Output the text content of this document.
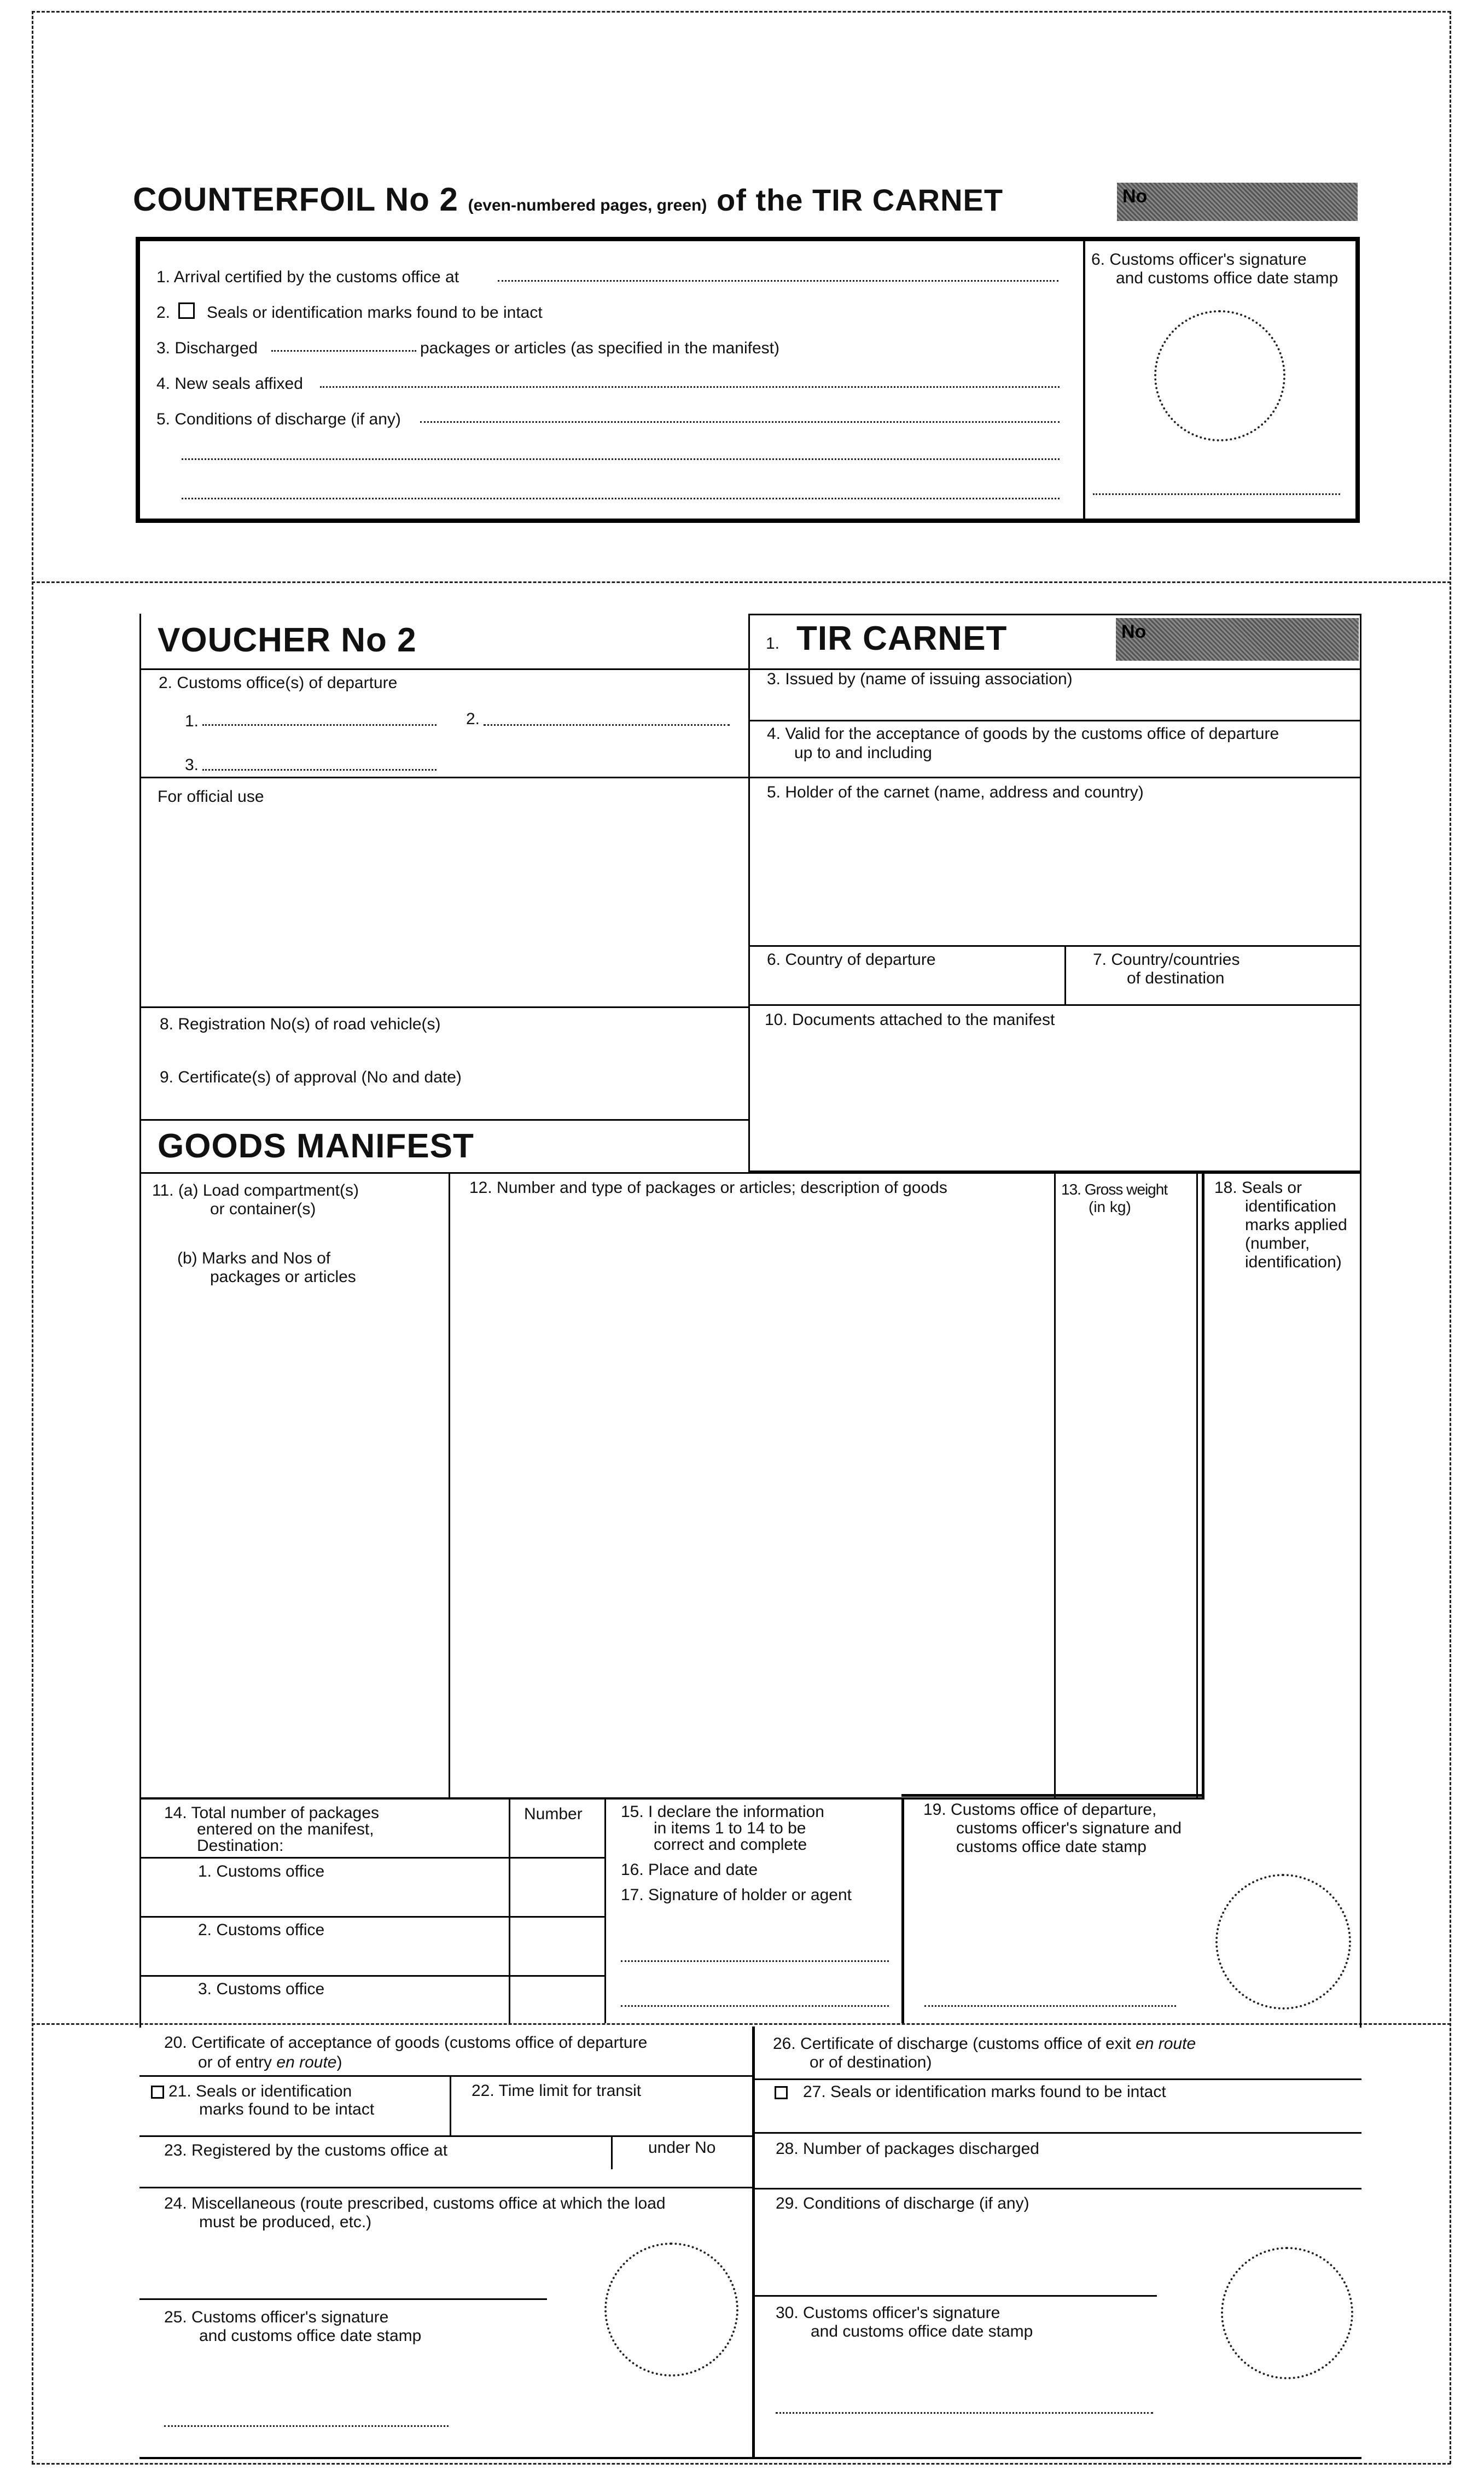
COUNTERFOIL No 2 (even-numbered pages, green) of the TIR CARNET	No
1. Arrival certified by the customs office at
2. Seals or identification marks found to be intact
3. Discharged	packages or articles (as specified in the manifest)
4. New seals affixed
5. Conditions of discharge (if any)
6. Customs officer's signature
and customs office date stamp
VOUCHER No 2	1. TIR CARNET	No
2. Customs office(s) of departure
1.	2.
3.
3. Issued by (name of issuing association)
4. Valid for the acceptance of goods by the customs office of departure
up to and including
For official use	5. Holder of the carnet (name, address and country)
6. Country of departure	7. Country/countries
of destination
8. Registration No(s) of road vehicle(s)
9. Certificate(s) of approval (No and date)
10. Documents attached to the manifest
GOODS MANIFEST
11. (a) Load compartment(s)
or container(s)
(b) Marks and Nos of
packages or articles
12. Number and type of packages or articles; description of goods	13. Gross weight
(in kg)
18. Seals or
identification
marks applied
(number,
identification)
14. Total number of packages
entered on the manifest,
Destination:
Number
1. Customs office
2. Customs office
3. Customs office
15. I declare the information
in items 1 to 14 to be
correct and complete
16. Place and date
17. Signature of holder or agent
19. Customs office of departure,
customs officer's signature and
customs office date stamp
20. Certificate of acceptance of goods (customs office of departure
or of entry en route)
21. Seals or identification
marks found to be intact
22. Time limit for transit
23. Registered by the customs office at	under No
24. Miscellaneous (route prescribed, customs office at which the load
must be produced, etc.)
25. Customs officer's signature
and customs office date stamp
26. Certificate of discharge (customs office of exit en route
or of destination)
27. Seals or identification marks found to be intact
28. Number of packages discharged
29. Conditions of discharge (if any)
30. Customs officer's signature
and customs office date stamp
